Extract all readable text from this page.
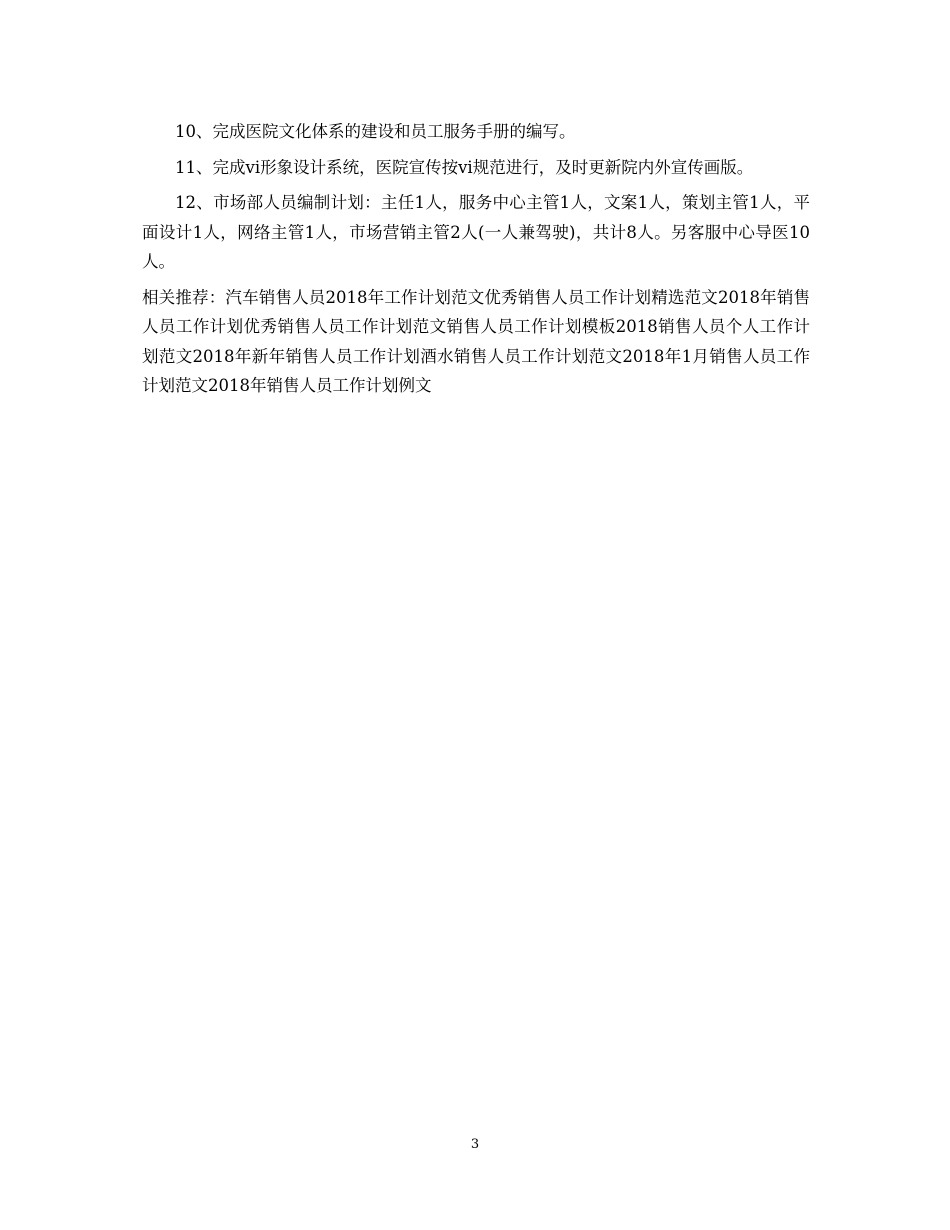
10、完成医院文化体系的建设和员工服务手册的编写。

11、完成vi形象设计系统，医院宣传按vi规范进行，及时更新院内外宣传画版。

12、市场部人员编制计划：主任1人，服务中心主管1人，文案1人，策划主管1人，平面设计1人，网络主管1人，市场营销主管2人(一人兼驾驶)，共计8人。另客服中心导医10人。

相关推荐：汽车销售人员2018年工作计划范文优秀销售人员工作计划精选范文2018年销售人员工作计划优秀销售人员工作计划范文销售人员工作计划模板2018销售人员个人工作计划范文2018年新年销售人员工作计划酒水销售人员工作计划范文2018年1月销售人员工作计划范文2018年销售人员工作计划例文

3
